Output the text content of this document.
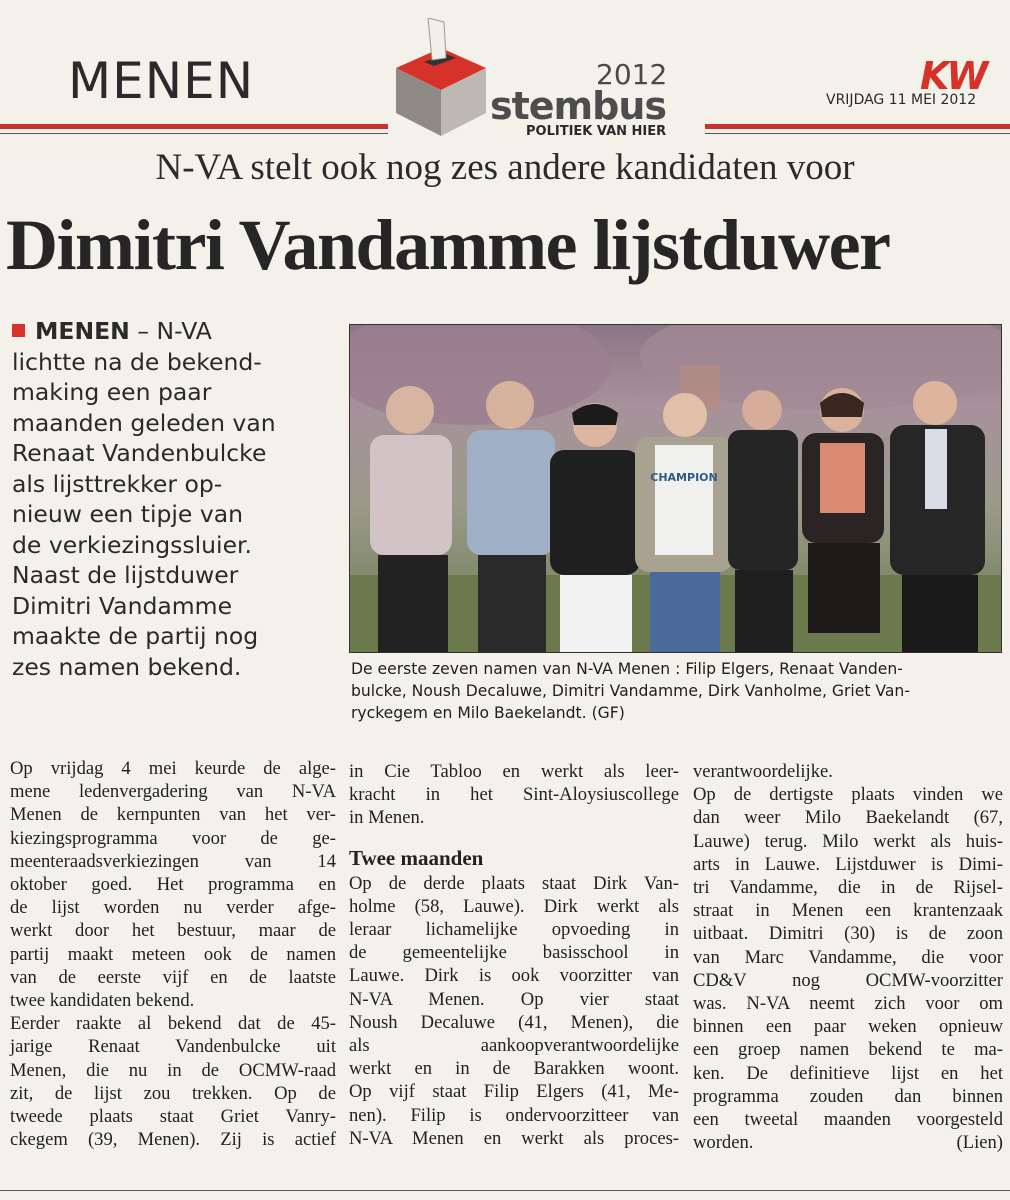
MENEN	2012
stembus
POLITIEK VAN HIER
KW
VRIJDAG 11 MEI 2012
N-VA stelt ook nog zes andere kandidaten voor
Dimitri Vandamme lijstduwer
MENEN – N-VA
lichtte na de bekend-
making een paar
maanden geleden van
Renaat Vandenbulcke
als lijsttrekker op-
nieuw een tipje van
de verkiezingssluier.
Naast de lijstduwer
Dimitri Vandamme
maakte de partij nog
zes namen bekend.
CHAMPION
De eerste zeven namen van N-VA Menen : Filip Elgers, Renaat Vanden-
bulcke, Noush Decaluwe, Dimitri Vandamme, Dirk Vanholme, Griet Van-
ryckegem en Milo Baekelandt. (GF)
Op vrijdag 4 mei keurde de alge-
mene ledenvergadering van N-VA
Menen de kernpunten van het ver-
kiezingsprogramma voor de ge-
meenteraadsverkiezingen van 14
oktober goed. Het programma en
de lijst worden nu verder afge-
werkt door het bestuur, maar de
partij maakt meteen ook de namen
van de eerste vijf en de laatste
twee kandidaten bekend.
Eerder raakte al bekend dat de 45-
jarige Renaat Vandenbulcke uit
Menen, die nu in de OCMW-raad
zit, de lijst zou trekken. Op de
tweede plaats staat Griet Vanry-
ckegem (39, Menen). Zij is actief
in Cie Tabloo en werkt als leer-
kracht in het Sint-Aloysiuscollege
in Menen.
Twee maanden
Op de derde plaats staat Dirk Van-
holme (58, Lauwe). Dirk werkt als
leraar lichamelijke opvoeding in
de gemeentelijke basisschool in
Lauwe. Dirk is ook voorzitter van
N-VA Menen. Op vier staat
Noush Decaluwe (41, Menen), die
als aankoopverantwoordelijke
werkt en in de Barakken woont.
Op vijf staat Filip Elgers (41, Me-
nen). Filip is ondervoorzitteer van
N-VA Menen en werkt als proces-
verantwoordelijke.
Op de dertigste plaats vinden we
dan weer Milo Baekelandt (67,
Lauwe) terug. Milo werkt als huis-
arts in Lauwe. Lijstduwer is Dimi-
tri Vandamme, die in de Rijsel-
straat in Menen een krantenzaak
uitbaat. Dimitri (30) is de zoon
van Marc Vandamme, die voor
CD&V nog OCMW-voorzitter
was. N-VA neemt zich voor om
binnen een paar weken opnieuw
een groep namen bekend te ma-
ken. De definitieve lijst en het
programma zouden dan binnen
een tweetal maanden voorgesteld
worden.	(Lien)
